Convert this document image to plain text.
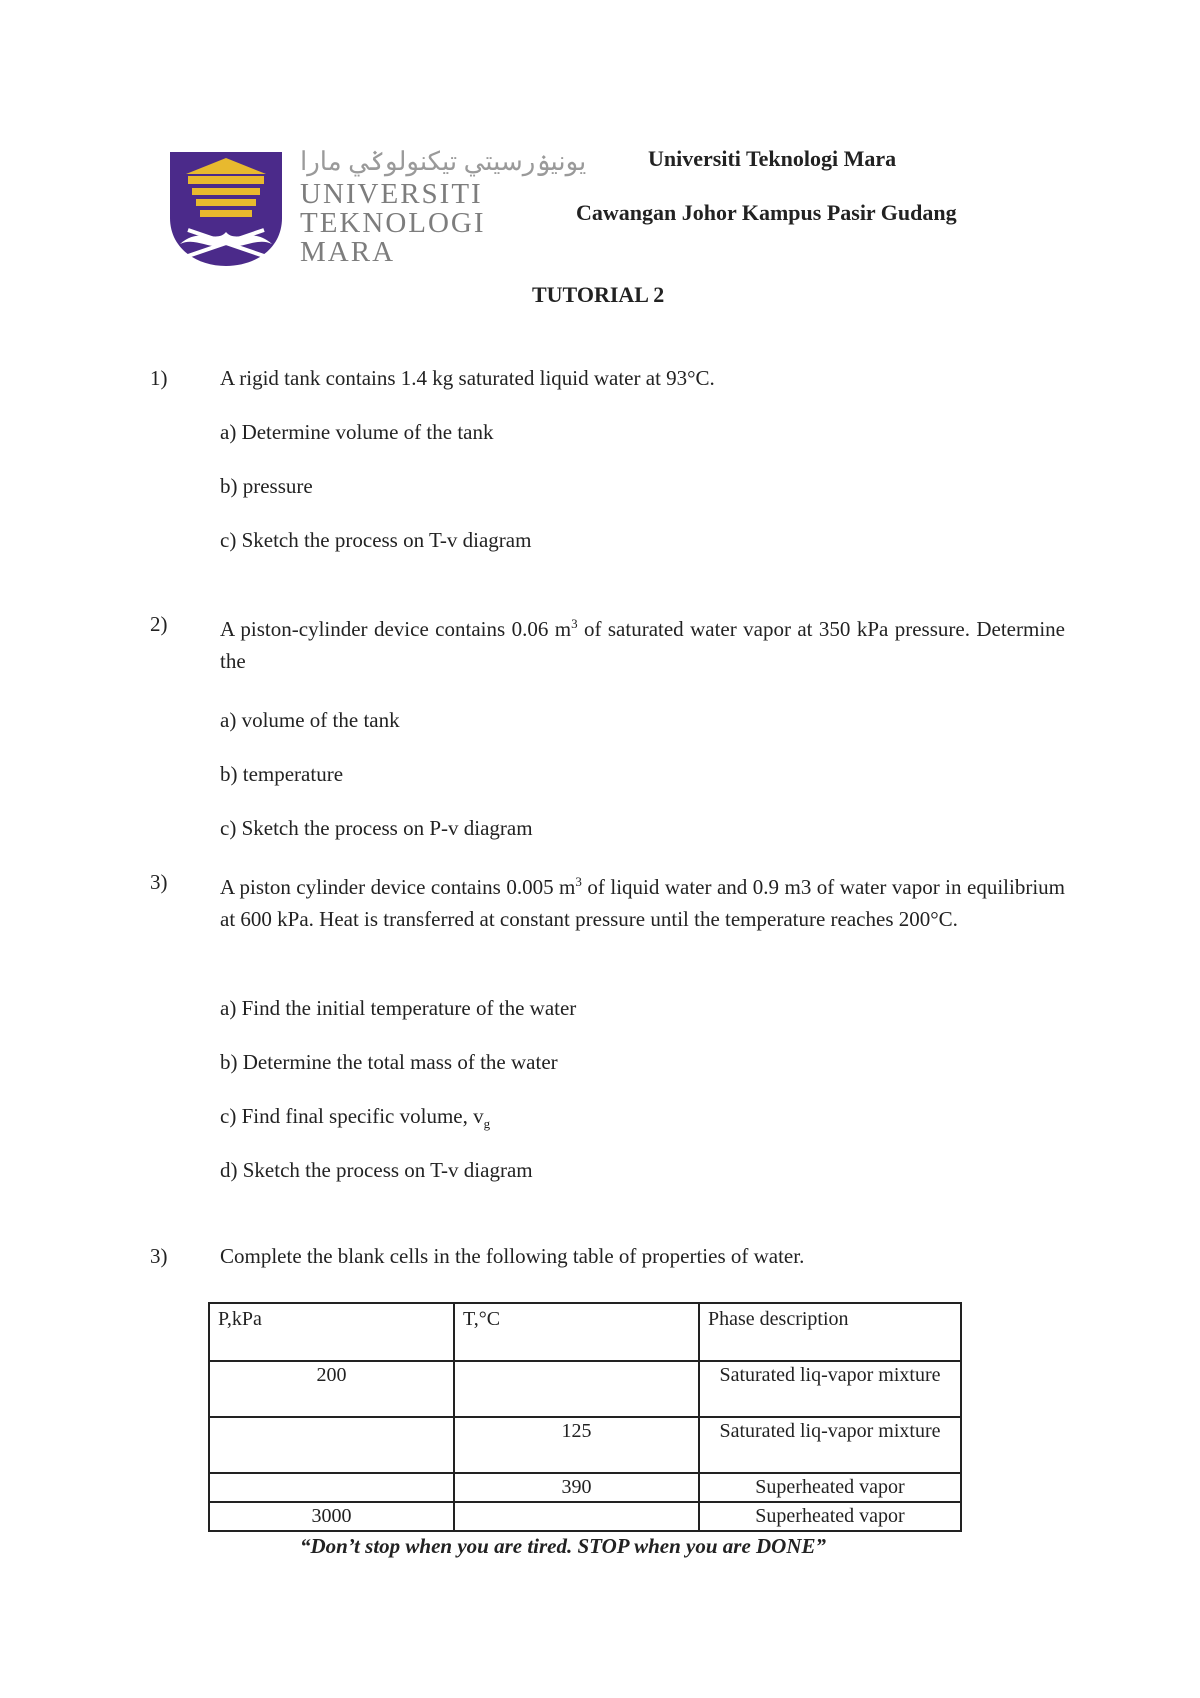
يونيۏرسيتي تيكنولوݢي مارا
UNIVERSITI
TEKNOLOGI
MARA
Universiti Teknologi Mara
Cawangan Johor Kampus Pasir Gudang
TUTORIAL 2
1)	A rigid tank contains 1.4 kg saturated liquid water at 93°C.
a) Determine volume of the tank
b) pressure
c) Sketch the process on T-v diagram
2)	A piston-cylinder device contains 0.06 $m^3$ of saturated water vapor at 350 kPa pressure. Determine the
a) volume of the tank
b) temperature
c) Sketch the process on P-v diagram
3)	A piston cylinder device contains 0.005 $m^3$ of liquid water and 0.9 m3 of water vapor in equilibrium at 600 kPa. Heat is transferred at constant pressure until the temperature reaches 200°C.
a) Find the initial temperature of the water
b) Determine the total mass of the water
c) Find final specific volume, $v_g$
d) Sketch the process on T-v diagram
3)	Complete the blank cells in the following table of properties of water.
P,kPa	T,°C	Phase description
200		Saturated liq-vapor mixture
	125	Saturated liq-vapor mixture
	390	Superheated vapor
3000		Superheated vapor
“Don’t stop when you are tired. STOP when you are DONE”
